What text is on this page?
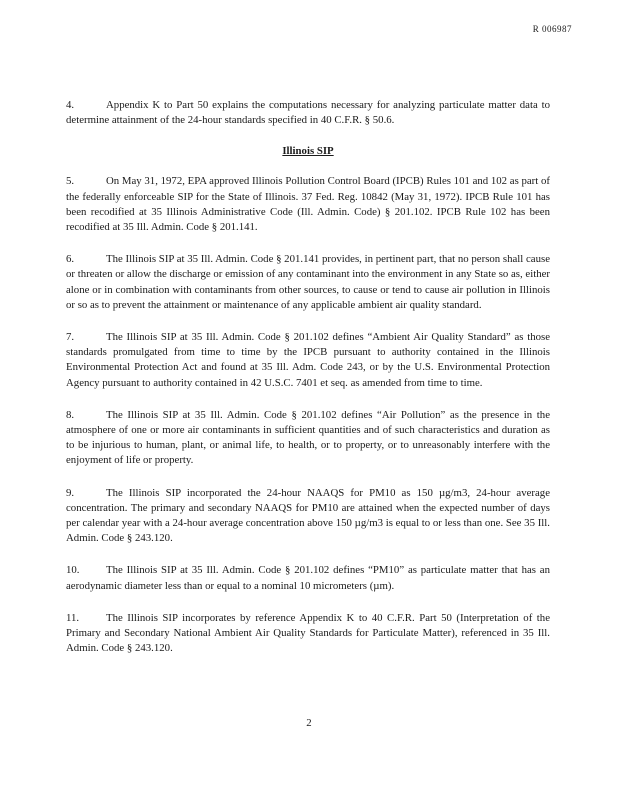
R 006987

4.	Appendix K to Part 50 explains the computations necessary for analyzing particulate matter data to determine attainment of the 24-hour standards specified in 40 C.F.R. § 50.6.

Illinois SIP

5.	On May 31, 1972, EPA approved Illinois Pollution Control Board (IPCB) Rules 101 and 102 as part of the federally enforceable SIP for the State of Illinois. 37 Fed. Reg. 10842 (May 31, 1972). IPCB Rule 101 has been recodified at 35 Illinois Administrative Code (Ill. Admin. Code) § 201.102. IPCB Rule 102 has been recodified at 35 Ill. Admin. Code § 201.141.

6.	The Illinois SIP at 35 Ill. Admin. Code § 201.141 provides, in pertinent part, that no person shall cause or threaten or allow the discharge or emission of any contaminant into the environment in any State so as, either alone or in combination with contaminants from other sources, to cause or tend to cause air pollution in Illinois or so as to prevent the attainment or maintenance of any applicable ambient air quality standard.

7.	The Illinois SIP at 35 Ill. Admin. Code § 201.102 defines “Ambient Air Quality Standard” as those standards promulgated from time to time by the IPCB pursuant to authority contained in the Illinois Environmental Protection Act and found at 35 Ill. Adm. Code 243, or by the U.S. Environmental Protection Agency pursuant to authority contained in 42 U.S.C. 7401 et seq. as amended from time to time.

8.	The Illinois SIP at 35 Ill. Admin. Code § 201.102 defines “Air Pollution” as the presence in the atmosphere of one or more air contaminants in sufficient quantities and of such characteristics and duration as to be injurious to human, plant, or animal life, to health, or to property, or to unreasonably interfere with the enjoyment of life or property.

9.	The Illinois SIP incorporated the 24-hour NAAQS for PM10 as 150 µg/m3, 24-hour average concentration. The primary and secondary NAAQS for PM10 are attained when the expected number of days per calendar year with a 24-hour average concentration above 150 µg/m3 is equal to or less than one. See 35 Ill. Admin. Code § 243.120.

10. The Illinois SIP at 35 Ill. Admin. Code § 201.102 defines “PM10” as particulate matter that has an aerodynamic diameter less than or equal to a nominal 10 micrometers (µm).

11. The Illinois SIP incorporates by reference Appendix K to 40 C.F.R. Part 50 (Interpretation of the Primary and Secondary National Ambient Air Quality Standards for Particulate Matter), referenced in 35 Ill. Admin. Code § 243.120.

2
